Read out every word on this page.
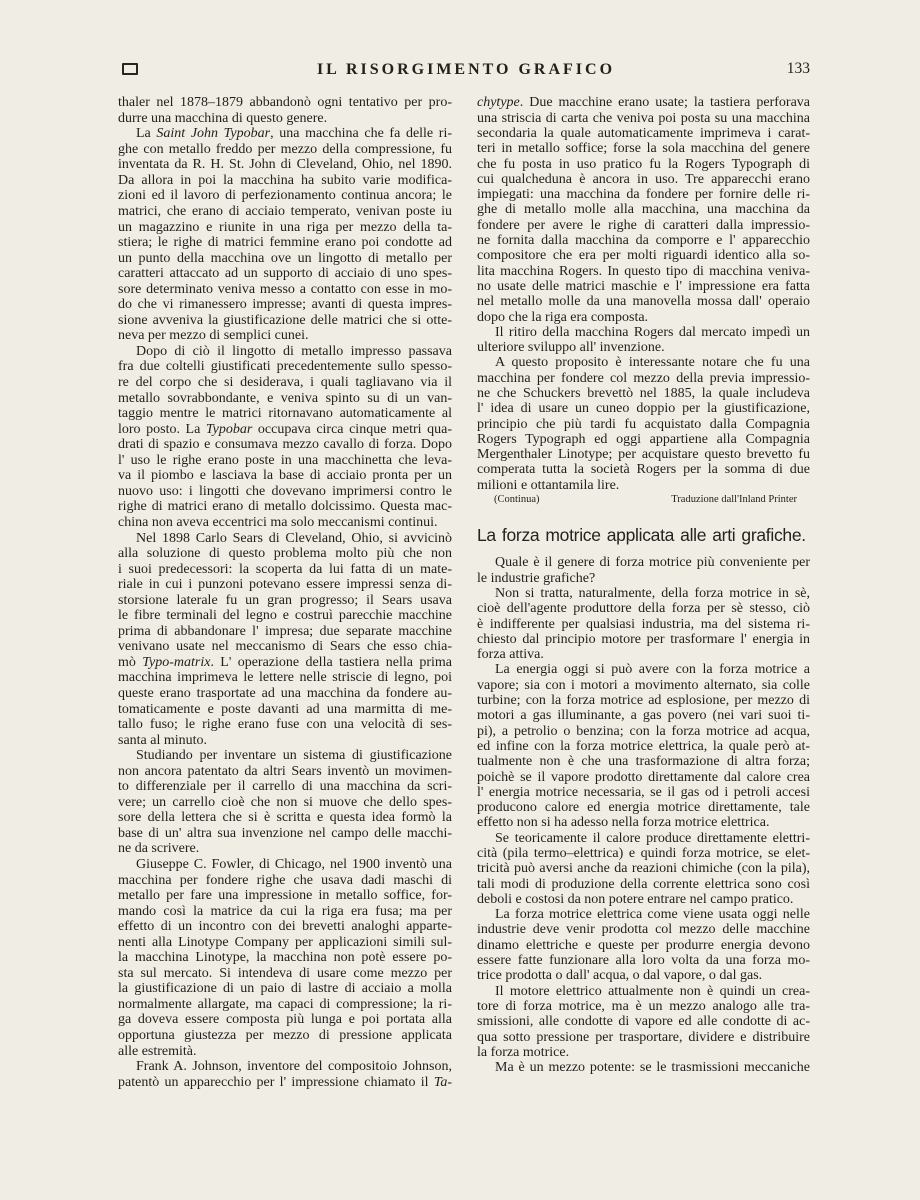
IL RISORGIMENTO GRAFICO	133
thaler nel 1878–1879 abbandonò ogni tentativo per pro-
durre una macchina di questo genere.
La Saint John Typobar, una macchina che fa delle ri-
ghe con metallo freddo per mezzo della compressione, fu
inventata da R. H. St. John di Cleveland, Ohio, nel 1890.
Da allora in poi la macchina ha subito varie modifica-
zioni ed il lavoro di perfezionamento continua ancora; le
matrici, che erano di acciaio temperato, venivan poste iu
un magazzino e riunite in una riga per mezzo della ta-
stiera; le righe di matrici femmine erano poi condotte ad
un punto della macchina ove un lingotto di metallo per
caratteri attaccato ad un supporto di acciaio di uno spes-
sore determinato veniva messo a contatto con esse in mo-
do che vi rimanessero impresse; avanti di questa impres-
sione avveniva la giustificazione delle matrici che si otte-
neva per mezzo di semplici cunei.
Dopo di ciò il lingotto di metallo impresso passava
fra due coltelli giustificati precedentemente sullo spesso-
re del corpo che si desiderava, i quali tagliavano via il
metallo sovrabbondante, e veniva spinto su di un van-
taggio mentre le matrici ritornavano automaticamente al
loro posto. La Typobar occupava circa cinque metri qua-
drati di spazio e consumava mezzo cavallo di forza. Dopo
l' uso le righe erano poste in una macchinetta che leva-
va il piombo e lasciava la base di acciaio pronta per un
nuovo uso: i lingotti che dovevano imprimersi contro le
righe di matrici erano di metallo dolcissimo. Questa mac-
china non aveva eccentrici ma solo meccanismi continui.
Nel 1898 Carlo Sears di Cleveland, Ohio, si avvicinò
alla soluzione di questo problema molto più che non
i suoi predecessori: la scoperta da lui fatta di un mate-
riale in cui i punzoni potevano essere impressi senza di-
storsione laterale fu un gran progresso; il Sears usava
le fibre terminali del legno e costruì parecchie macchine
prima di abbandonare l' impresa; due separate macchine
venivano usate nel meccanismo di Sears che esso chia-
mò Typo-matrix. L' operazione della tastiera nella prima
macchina imprimeva le lettere nelle striscie di legno, poi
queste erano trasportate ad una macchina da fondere au-
tomaticamente e poste davanti ad una marmitta di me-
tallo fuso; le righe erano fuse con una velocità di ses-
santa al minuto.
Studiando per inventare un sistema di giustificazione
non ancora patentato da altri Sears inventò un movimen-
to differenziale per il carrello di una macchina da scri-
vere; un carrello cioè che non si muove che dello spes-
sore della lettera che si è scritta e questa idea formò la
base di un' altra sua invenzione nel campo delle macchi-
ne da scrivere.
Giuseppe C. Fowler, di Chicago, nel 1900 inventò una
macchina per fondere righe che usava dadi maschi di
metallo per fare una impressione in metallo soffice, for-
mando così la matrice da cui la riga era fusa; ma per
effetto di un incontro con dei brevetti analoghi apparte-
nenti alla Linotype Company per applicazioni simili sul-
la macchina Linotype, la macchina non potè essere po-
sta sul mercato. Si intendeva di usare come mezzo per
la giustificazione di un paio di lastre di acciaio a molla
normalmente allargate, ma capaci di compressione; la ri-
ga doveva essere composta più lunga e poi portata alla
opportuna giustezza per mezzo di pressione applicata
alle estremità.
Frank A. Johnson, inventore del compositoio Johnson,
patentò un apparecchio per l' impressione chiamato il Ta-
chytype. Due macchine erano usate; la tastiera perforava
una striscia di carta che veniva poi posta su una macchina
secondaria la quale automaticamente imprimeva i carat-
teri in metallo soffice; forse la sola macchina del genere
che fu posta in uso pratico fu la Rogers Typograph di
cui qualcheduna è ancora in uso. Tre apparecchi erano
impiegati: una macchina da fondere per fornire delle ri-
ghe di metallo molle alla macchina, una macchina da
fondere per avere le righe di caratteri dalla impressio-
ne fornita dalla macchina da comporre e l' apparecchio
compositore che era per molti riguardi identico alla so-
lita macchina Rogers. In questo tipo di macchina veniva-
no usate delle matrici maschie e l' impressione era fatta
nel metallo molle da una manovella mossa dall' operaio
dopo che la riga era composta.
Il ritiro della macchina Rogers dal mercato impedì un
ulteriore sviluppo all' invenzione.
A questo proposito è interessante notare che fu una
macchina per fondere col mezzo della previa impressio-
ne che Schuckers brevettò nel 1885, la quale includeva
l' idea di usare un cuneo doppio per la giustificazione,
principio che più tardi fu acquistato dalla Compagnia
Rogers Typograph ed oggi appartiene alla Compagnia
Mergenthaler Linotype; per acquistare questo brevetto fu
comperata tutta la società Rogers per la somma di due
milioni e ottantamila lire.
(Continua)	Traduzione dall'Inland Printer
La forza motrice applicata alle arti grafiche.
Quale è il genere di forza motrice più conveniente per
le industrie grafiche?
Non si tratta, naturalmente, della forza motrice in sè,
cioè dell'agente produttore della forza per sè stesso, ciò
è indifferente per qualsiasi industria, ma del sistema ri-
chiesto dal principio motore per trasformare l' energia in
forza attiva.
La energia oggi si può avere con la forza motrice a
vapore; sia con i motori a movimento alternato, sia colle
turbine; con la forza motrice ad esplosione, per mezzo di
motori a gas illuminante, a gas povero (nei vari suoi ti-
pi), a petrolio o benzina; con la forza motrice ad acqua,
ed infine con la forza motrice elettrica, la quale però at-
tualmente non è che una trasformazione di altra forza;
poichè se il vapore prodotto direttamente dal calore crea
l' energia motrice necessaria, se il gas od i petroli accesi
producono calore ed energia motrice direttamente, tale
effetto non si ha adesso nella forza motrice elettrica.
Se teoricamente il calore produce direttamente elettri-
cità (pila termo–elettrica) e quindi forza motrice, se elet-
tricità può aversi anche da reazioni chimiche (con la pila),
tali modi di produzione della corrente elettrica sono così
deboli e costosi da non potere entrare nel campo pratico.
La forza motrice elettrica come viene usata oggi nelle
industrie deve venir prodotta col mezzo delle macchine
dinamo elettriche e queste per produrre energia devono
essere fatte funzionare alla loro volta da una forza mo-
trice prodotta o dall' acqua, o dal vapore, o dal gas.
Il motore elettrico attualmente non è quindi un crea-
tore di forza motrice, ma è un mezzo analogo alle tra-
smissioni, alle condotte di vapore ed alle condotte di ac-
qua sotto pressione per trasportare, dividere e distribuire
la forza motrice.
Ma è un mezzo potente: se le trasmissioni meccaniche
